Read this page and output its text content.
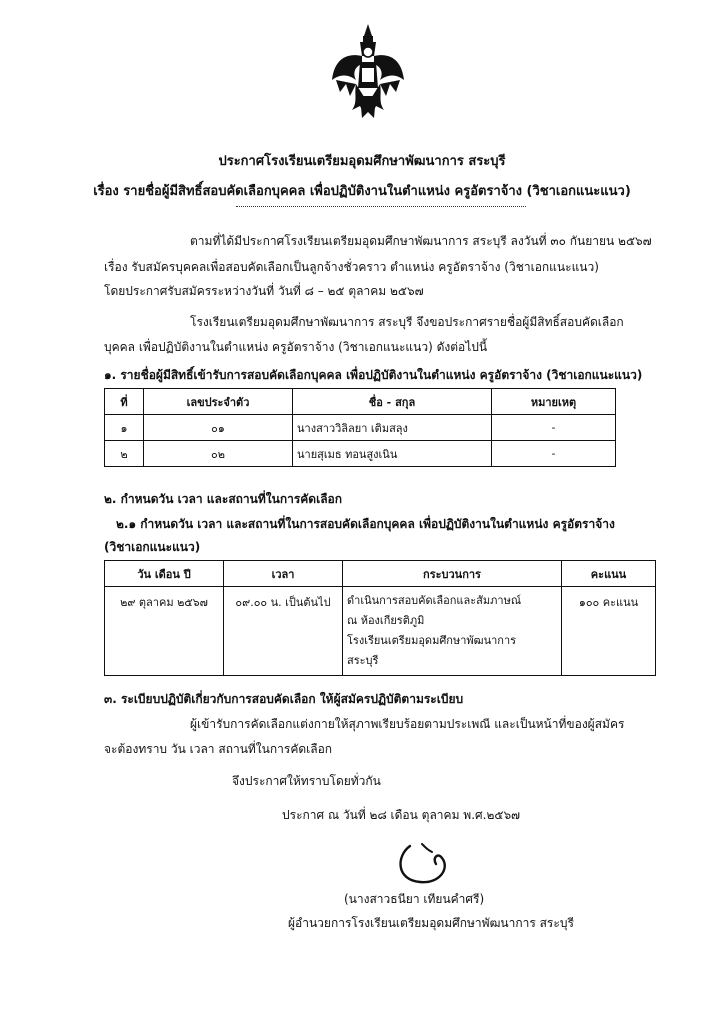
ประกาศโรงเรียนเตรียมอุดมศึกษาพัฒนาการ สระบุรี
เรื่อง รายชื่อผู้มีสิทธิ์สอบคัดเลือกบุคคล เพื่อปฏิบัติงานในตำแหน่ง ครูอัตราจ้าง (วิชาเอกแนะแนว)
ตามที่ได้มีประกาศโรงเรียนเตรียมอุดมศึกษาพัฒนาการ สระบุรี ลงวันที่ ๓๐ กันยายน ๒๕๖๗
เรื่อง รับสมัครบุคคลเพื่อสอบคัดเลือกเป็นลูกจ้างชั่วคราว ตำแหน่ง ครูอัตราจ้าง (วิชาเอกแนะแนว)
โดยประกาศรับสมัครระหว่างวันที่ วันที่ ๘ – ๒๕ ตุลาคม ๒๕๖๗
โรงเรียนเตรียมอุดมศึกษาพัฒนาการ สระบุรี จึงขอประกาศรายชื่อผู้มีสิทธิ์สอบคัดเลือก
บุคคล เพื่อปฏิบัติงานในตำแหน่ง ครูอัตราจ้าง (วิชาเอกแนะแนว) ดังต่อไปนี้
๑. รายชื่อผู้มีสิทธิ์เข้ารับการสอบคัดเลือกบุคคล เพื่อปฏิบัติงานในตำแหน่ง ครูอัตราจ้าง (วิชาเอกแนะแนว)
ที่	เลขประจำตัว	ชื่อ - สกุล	หมายเหตุ
๑	๐๑	นางสาววิลิลยา เติมสลุง	-
๒	๐๒	นายสุเมธ ทอนสูงเนิน	-
๒. กำหนดวัน เวลา และสถานที่ในการคัดเลือก
๒.๑ กำหนดวัน เวลา และสถานที่ในการสอบคัดเลือกบุคคล เพื่อปฏิบัติงานในตำแหน่ง ครูอัตราจ้าง
(วิชาเอกแนะแนว)
วัน เดือน ปี	เวลา	กระบวนการ	คะแนน
๒๙ ตุลาคม ๒๕๖๗	๐๙.๐๐ น. เป็นต้นไป	ดำเนินการสอบคัดเลือกและสัมภาษณ์
ณ ห้องเกียรติภูมิ
โรงเรียนเตรียมอุดมศึกษาพัฒนาการ
สระบุรี	๑๐๐ คะแนน
๓. ระเบียบปฏิบัติเกี่ยวกับการสอบคัดเลือก ให้ผู้สมัครปฏิบัติตามระเบียบ
ผู้เข้ารับการคัดเลือกแต่งกายให้สุภาพเรียบร้อยตามประเพณี และเป็นหน้าที่ของผู้สมัคร
จะต้องทราบ วัน เวลา สถานที่ในการคัดเลือก
จึงประกาศให้ทราบโดยทั่วกัน
ประกาศ ณ วันที่ ๒๘ เดือน ตุลาคม พ.ศ.๒๕๖๗
(นางสาวธนียา เทียนคำศรี)
ผู้อำนวยการโรงเรียนเตรียมอุดมศึกษาพัฒนาการ สระบุรี
